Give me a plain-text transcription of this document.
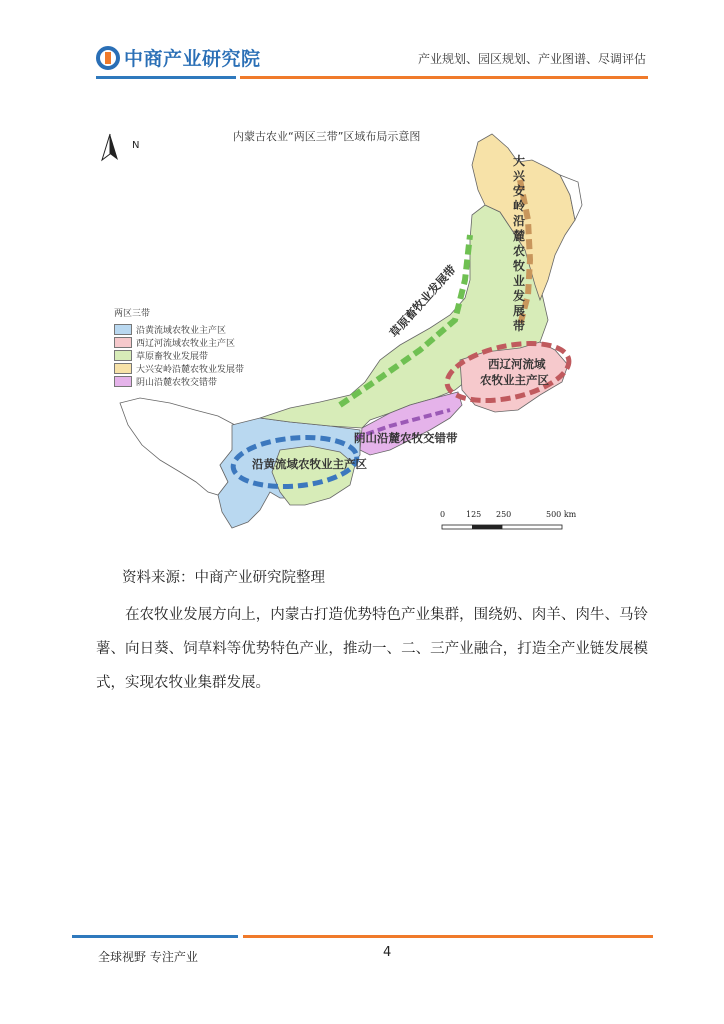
中商产业研究院	产业规划、园区规划、产业图谱、尽调评估
内蒙古农业“两区三带”区域布局示意图
N
两区三带
沿黄流域农牧业主产区
西辽河流域农牧业主产区
草原畜牧业发展带
大兴安岭沿麓农牧业发展带
阴山沿麓农牧交错带
大兴安岭沿麓农牧业发展带
草原畜牧业发展带
西辽河流域
农牧业主产区
阴山沿麓农牧交错带
沿黄流域农牧业主产区
0	125 250	500 km
资料来源：中商产业研究院整理
在农牧业发展方向上，内蒙古打造优势特色产业集群，围绕奶、肉羊、肉牛、马铃薯、向日葵、饲草料等优势特色产业，推动一、二、三产业融合，打造全产业链发展模式，实现农牧业集群发展。
全球视野 专注产业	4
